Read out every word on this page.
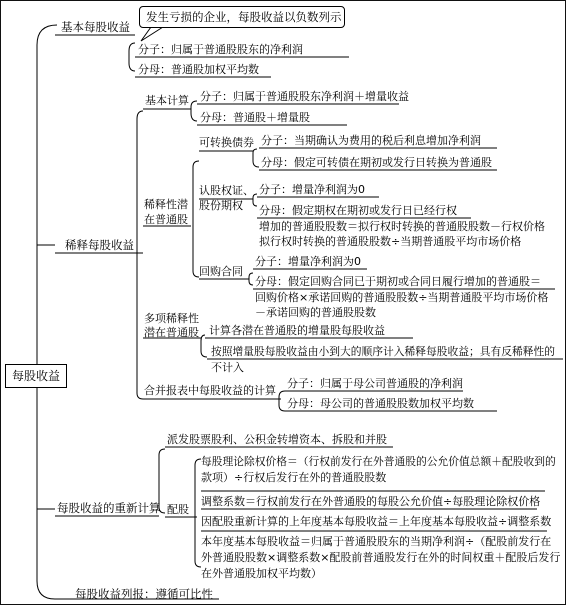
发生亏损的企业，每股收益以负数列示
每股收益
基本每股收益
分子：归属于普通股股东的净利润
分母：普通股加权平均数
稀释每股收益
基本计算 分子：归属于普通股股东净利润＋增量收益
分母：普通股＋增量股
稀释性潜
在普通股
可转换债券 分子：当期确认为费用的税后利息增加净利润
分母：假定可转债在期初或发行日转换为普通股
认股权证、
股份期权
分子：增量净利润为0
分母：假定期权在期初或发行日已经行权
增加的普通股股数＝拟行权时转换的普通股股数－行权价格
拟行权时转换的普通股股数÷当期普通股平均市场价格
回购合同
分子：增量净利润为0
分母：假定回购合同已于期初或合同日履行增加的普通股＝
回购价格×承诺回购的普通股股数÷当期普通股平均市场价格
－承诺回购的普通股股数
多项稀释性
潜在普通股 计算各潜在普通股的增量股每股收益
按照增量股每股收益由小到大的顺序计入稀释每股收益；具有反稀释性的
不计入
合并报表中每股收益的计算
分子：归属于母公司普通股的净利润
分母：母公司的普通股股数加权平均数
每股收益的重新计算
派发股票股利、公积金转增资本、拆股和并股
配股
每股理论除权价格＝（行权前发行在外普通股的公允价值总额＋配股收到的
款项）÷行权后发行在外的普通股股数
调整系数＝行权前发行在外普通股的每股公允价值÷每股理论除权价格
因配股重新计算的上年度基本每股收益＝上年度基本每股收益÷调整系数
本年度基本每股收益＝归属于普通股股东的当期净利润÷（配股前发行在
外普通股股数×调整系数×配股前普通股发行在外的时间权重＋配股后发行
在外普通股加权平均数）
每股收益列报：遵循可比性
